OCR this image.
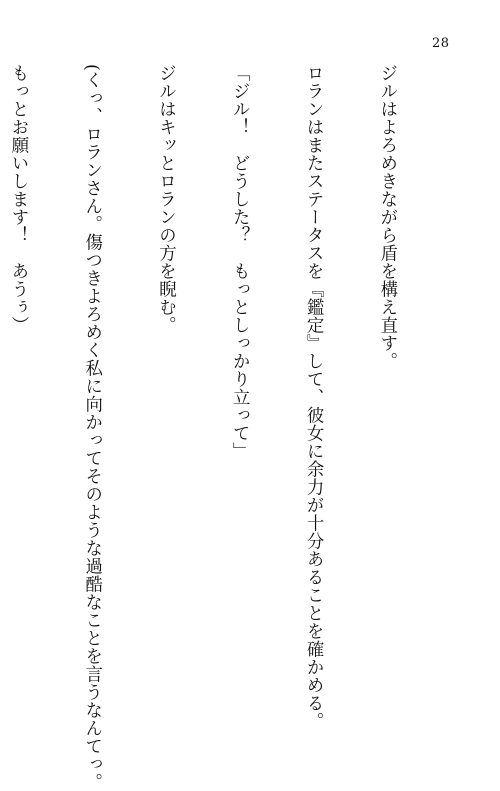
28

ジルはよろめきながら盾を構え直す。

ロランはまたステータスを『鑑定』して、彼女に余力が十分あることを確かめる。

「ジル！　どうした？　もっとしっかり立って」

ジルはキッとロランの方を睨む。

(くっ、ロランさん。傷つきよろめく私に向かってそのような過酷なことを言うなんてっ。

もっとお願いします！　あうぅ）
